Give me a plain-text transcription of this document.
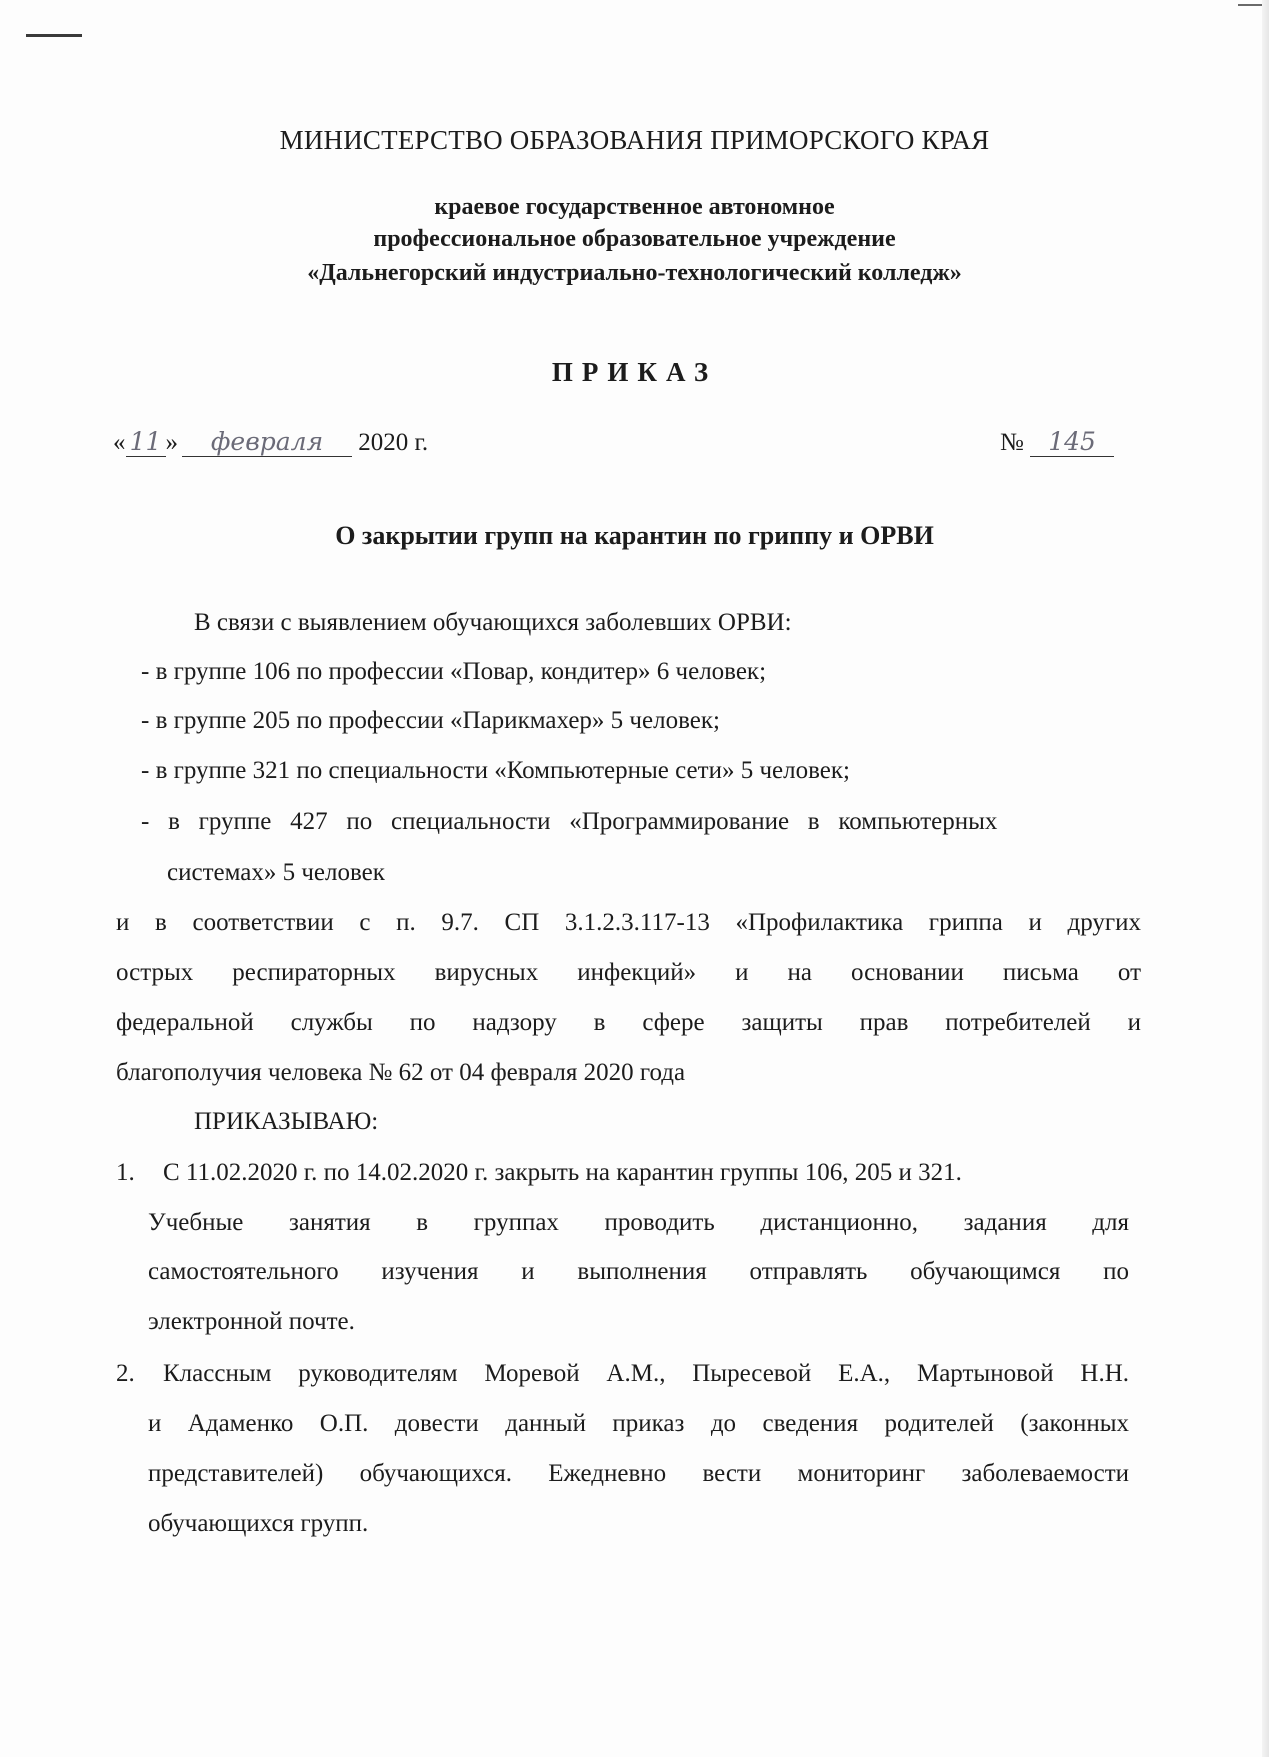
МИНИСТЕРСТВО ОБРАЗОВАНИЯ ПРИМОРСКОГО КРАЯ
краевое государственное автономное
профессиональное образовательное учреждение
«Дальнегорский индустриально-технологический колледж»
ПРИКАЗ
« 11 » февраля 2020 г.	№ 145
О закрытии групп на карантин по гриппу и ОРВИ
В связи с выявлением обучающихся заболевших ОРВИ:
- в группе 106 по профессии «Повар, кондитер» 6 человек;
- в группе 205 по профессии «Парикмахер» 5 человек;
- в группе 321 по специальности «Компьютерные сети» 5 человек;
-   в   группе   427   по   специальности   «Программирование   в   компьютерных
системах» 5 человек
и в соответствии с п. 9.7. СП 3.1.2.3.117-13 «Профилактика гриппа и других
острых респираторных вирусных инфекций» и на основании письма от
федеральной службы по надзору в сфере защиты прав потребителей и
благополучия человека № 62 от 04 февраля 2020 года
ПРИКАЗЫВАЮ:
1. С 11.02.2020 г. по 14.02.2020 г. закрыть на карантин группы 106, 205 и 321.
Учебные занятия в группах проводить дистанционно, задания для
самостоятельного изучения и выполнения отправлять обучающимся по
электронной почте.
2. Классным руководителям Моревой А.М., Пыресевой Е.А., Мартыновой Н.Н.
и Адаменко О.П. довести данный приказ до сведения родителей (законных
представителей) обучающихся. Ежедневно вести мониторинг заболеваемости
обучающихся групп.
